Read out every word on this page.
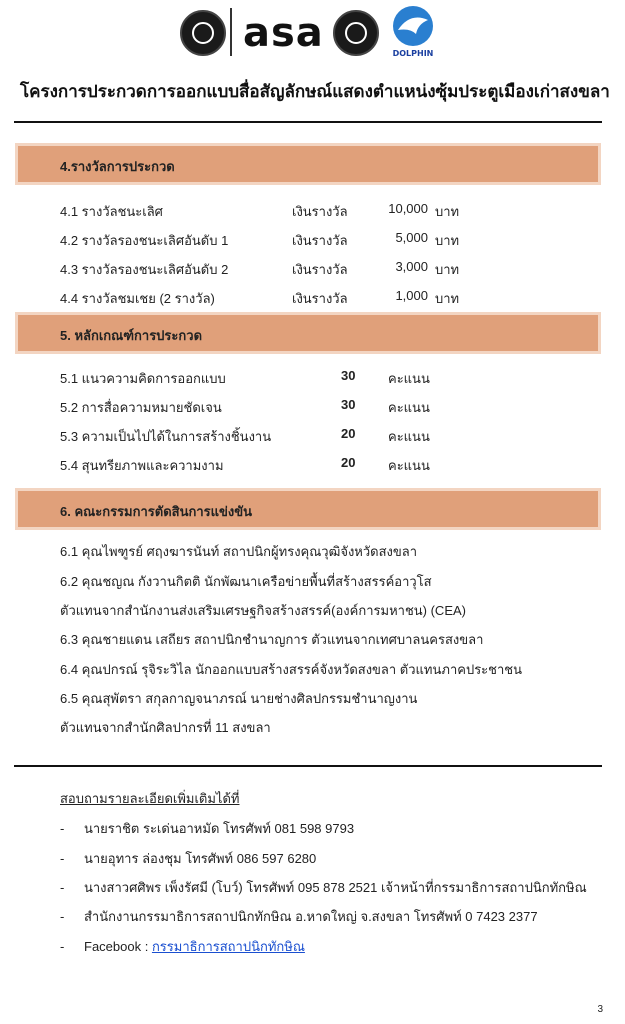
asa	DOLPHIN
โครงการประกวดการออกแบบสื่อสัญลักษณ์แสดงตำแหน่งซุ้มประตูเมืองเก่าสงขลา
4.รางวัลการประกวด
4.1 รางวัลชนะเลิศ	เงินรางวัล	10,000 บาท
4.2 รางวัลรองชนะเลิศอันดับ 1	เงินรางวัล	5,000 บาท
4.3 รางวัลรองชนะเลิศอันดับ 2	เงินรางวัล	3,000 บาท
4.4 รางวัลชมเชย (2 รางวัล)	เงินรางวัล	1,000 บาท
5. หลักเกณฑ์การประกวด
5.1 แนวความคิดการออกแบบ	30	คะแนน
5.2 การสื่อความหมายชัดเจน	30	คะแนน
5.3 ความเป็นไปได้ในการสร้างชิ้นงาน	20	คะแนน
5.4 สุนทรียภาพและความงาม	20	คะแนน
6. คณะกรรมการตัดสินการแข่งขัน
6.1 คุณไพฑูรย์ ศฤงฆารนันท์ สถาปนิกผู้ทรงคุณวุฒิจังหวัดสงขลา
6.2 คุณชญณ กังวานกิตติ นักพัฒนาเครือข่ายพื้นที่สร้างสรรค์อาวุโส
ตัวแทนจากสำนักงานส่งเสริมเศรษฐกิจสร้างสรรค์(องค์การมหาชน) (CEA)
6.3 คุณชายแดน เสถียร สถาปนิกชำนาญการ ตัวแทนจากเทศบาลนครสงขลา
6.4 คุณปกรณ์ รุจิระวิไล นักออกแบบสร้างสรรค์จังหวัดสงขลา ตัวแทนภาคประชาชน
6.5 คุณสุพัตรา สกุลกาญจนาภรณ์ นายช่างศิลปกรรมชำนาญงาน
ตัวแทนจากสำนักศิลปากรที่ 11 สงขลา
สอบถามรายละเอียดเพิ่มเติมได้ที่
- นายราชิต ระเด่นอาหมัด โทรศัพท์ 081 598 9793
- นายอุทาร ล่องชุม โทรศัพท์ 086 597 6280
- นางสาวศศิพร เพ็งรัศมี (โบว์) โทรศัพท์ 095 878 2521 เจ้าหน้าที่กรรมาธิการสถาปนิกทักษิณ
- สำนักงานกรรมาธิการสถาปนิกทักษิณ อ.หาดใหญ่ จ.สงขลา โทรศัพท์ 0 7423 2377
- Facebook : กรรมาธิการสถาปนิกทักษิณ
3
